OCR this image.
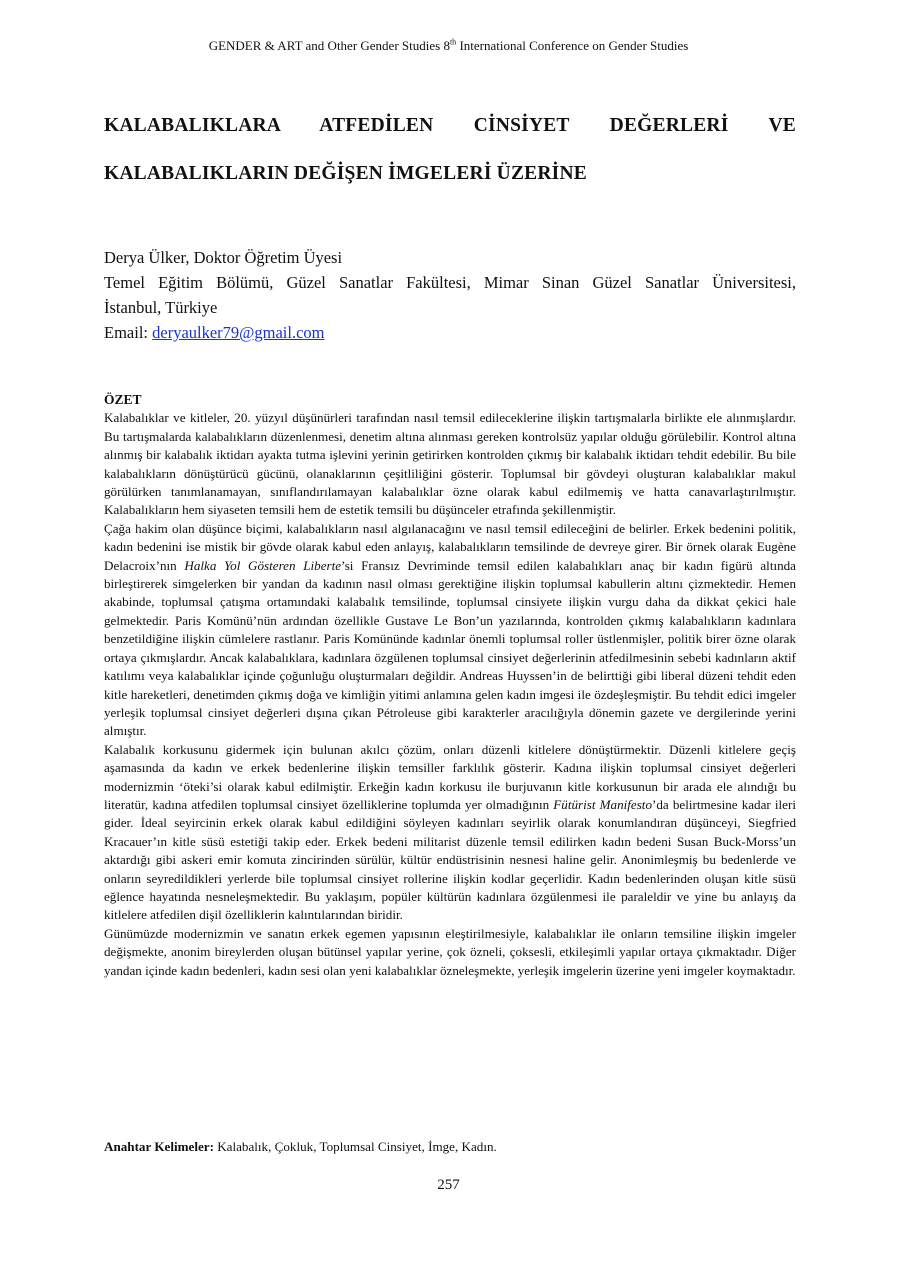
GENDER & ART and Other Gender Studies 8th International Conference on Gender Studies
KALABALIKLARA ATFEDİLEN CİNSİYET DEĞERLERİ VE
KALABALIKLARIN DEĞİŞEN İMGELERİ ÜZERİNE
Derya Ülker, Doktor Öğretim Üyesi
Temel Eğitim Bölümü, Güzel Sanatlar Fakültesi, Mimar Sinan Güzel Sanatlar Üniversitesi,
İstanbul, Türkiye
Email: deryaulker79@gmail.com
ÖZET

Kalabalıklar ve kitleler, 20. yüzyıl düşünürleri tarafından nasıl temsil edileceklerine ilişkin tartışmalarla birlikte ele alınmışlardır. Bu tartışmalarda kalabalıkların düzenlenmesi, denetim altına alınması gereken kontrolsüz yapılar olduğu görülebilir. Kontrol altına alınmış bir kalabalık iktidarı ayakta tutma işlevini yerinin getirirken kontrolden çıkmış bir kalabalık iktidarı tehdit edebilir. Bu bile kalabalıkların dönüştürücü gücünü, olanaklarının çeşitliliğini gösterir. Toplumsal bir gövdeyi oluşturan kalabalıklar makul görülürken tanımlanamayan, sınıflandırılamayan kalabalıklar özne olarak kabul edilmemiş ve hatta canavarlaştırılmıştır. Kalabalıkların hem siyaseten temsili hem de estetik temsili bu düşünceler etrafında şekillenmiştir.

Çağa hakim olan düşünce biçimi, kalabalıkların nasıl algılanacağını ve nasıl temsil edileceğini de belirler. Erkek bedenini politik, kadın bedenini ise mistik bir gövde olarak kabul eden anlayış, kalabalıkların temsilinde de devreye girer. Bir örnek olarak Eugène Delacroix’nın Halka Yol Gösteren Liberte’si Fransız Devriminde temsil edilen kalabalıkları anaç bir kadın figürü altında birleştirerek simgelerken bir yandan da kadının nasıl olması gerektiğine ilişkin toplumsal kabullerin altını çizmektedir. Hemen akabinde, toplumsal çatışma ortamındaki kalabalık temsilinde, toplumsal cinsiyete ilişkin vurgu daha da dikkat çekici hale gelmektedir. Paris Komünü’nün ardından özellikle Gustave Le Bon’un yazılarında, kontrolden çıkmış kalabalıkların kadınlara benzetildiğine ilişkin cümlelere rastlanır. Paris Komününde kadınlar önemli toplumsal roller üstlenmişler, politik birer özne olarak ortaya çıkmışlardır. Ancak kalabalıklara, kadınlara özgülenen toplumsal cinsiyet değerlerinin atfedilmesinin sebebi kadınların aktif katılımı veya kalabalıklar içinde çoğunluğu oluşturmaları değildir. Andreas Huyssen’in de belirttiği gibi liberal düzeni tehdit eden kitle hareketleri, denetimden çıkmış doğa ve kimliğin yitimi anlamına gelen kadın imgesi ile özdeşleşmiştir. Bu tehdit edici imgeler yerleşik toplumsal cinsiyet değerleri dışına çıkan Pétroleuse gibi karakterler aracılığıyla dönemin gazete ve dergilerinde yerini almıştır.

Kalabalık korkusunu gidermek için bulunan akılcı çözüm, onları düzenli kitlelere dönüştürmektir. Düzenli kitlelere geçiş aşamasında da kadın ve erkek bedenlerine ilişkin temsiller farklılık gösterir. Kadına ilişkin toplumsal cinsiyet değerleri modernizmin ‘öteki’si olarak kabul edilmiştir. Erkeğin kadın korkusu ile burjuvanın kitle korkusunun bir arada ele alındığı bu literatür, kadına atfedilen toplumsal cinsiyet özelliklerine toplumda yer olmadığının Fütürist Manifesto’da belirtmesine kadar ileri gider. İdeal seyircinin erkek olarak kabul edildiğini söyleyen kadınları seyirlik olarak konumlandıran düşünceyi, Siegfried Kracauer’ın kitle süsü estetiği takip eder. Erkek bedeni militarist düzenle temsil edilirken kadın bedeni Susan Buck-Morss’un aktardığı gibi askeri emir komuta zincirinden sürülür, kültür endüstrisinin nesnesi haline gelir. Anonimleşmiş bu bedenlerde ve onların seyredildikleri yerlerde bile toplumsal cinsiyet rollerine ilişkin kodlar geçerlidir. Kadın bedenlerinden oluşan kitle süsü eğlence hayatında nesneleşmektedir. Bu yaklaşım, popüler kültürün kadınlara özgülenmesi ile paraleldir ve yine bu anlayış da kitlelere atfedilen dişil özelliklerin kalıntılarından biridir.

Günümüzde modernizmin ve sanatın erkek egemen yapısının eleştirilmesiyle, kalabalıklar ile onların temsiline ilişkin imgeler değişmekte, anonim bireylerden oluşan bütünsel yapılar yerine, çok özneli, çoksesli, etkileşimli yapılar ortaya çıkmaktadır. Diğer yandan içinde kadın bedenleri, kadın sesi olan yeni kalabalıklar özneleşmekte, yerleşik imgelerin üzerine yeni imgeler koymaktadır.

Anahtar Kelimeler: Kalabalık, Çokluk, Toplumsal Cinsiyet, İmge, Kadın.
257
